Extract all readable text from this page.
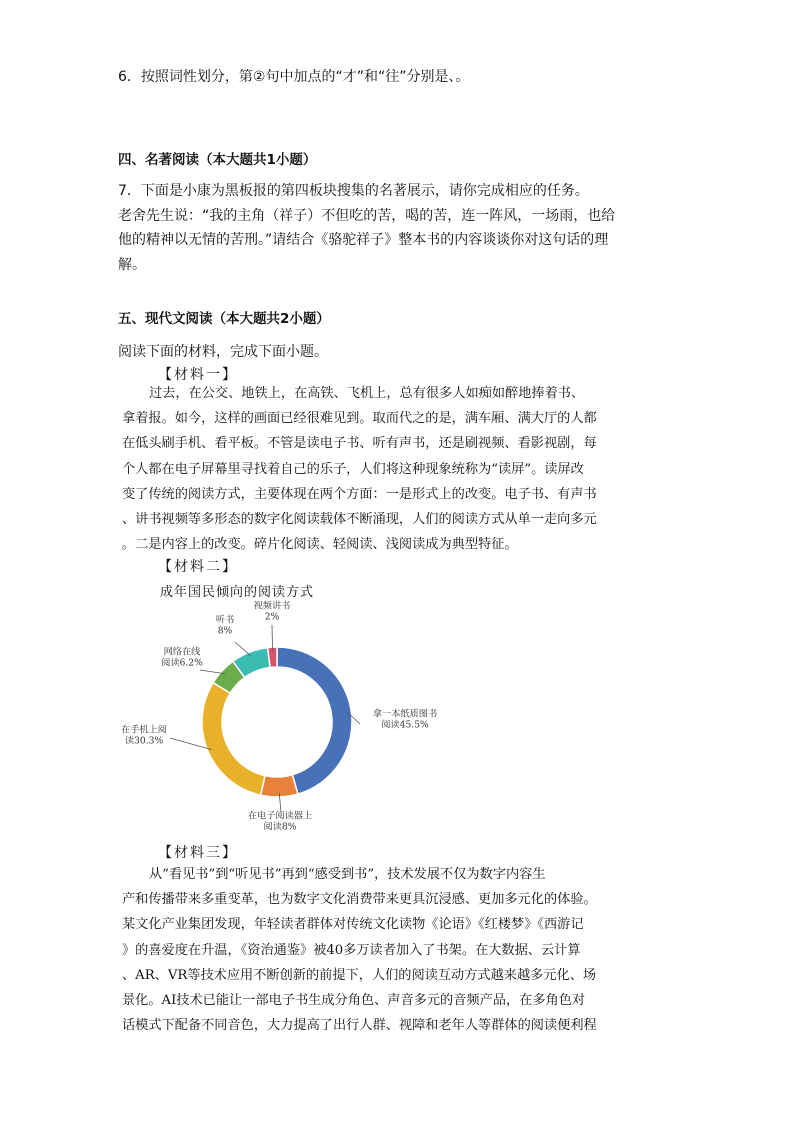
6．按照词性划分，第②句中加点的“才”和“往”分别是、。
四、名著阅读（本大题共1小题）
7．下面是小康为黑板报的第四板块搜集的名著展示，请你完成相应的任务。
老舍先生说：“我的主角（祥子）不但吃的苦，喝的苦，连一阵风，一场雨，也给
他的精神以无情的苦刑。”请结合《骆驼祥子》整本书的内容谈谈你对这句话的理
解。
五、现代文阅读（本大题共2小题）
阅读下面的材料，完成下面小题。
【材料一】
过去，在公交、地铁上，在高铁、飞机上，总有很多人如痴如醉地捧着书、
拿着报。如今，这样的画面已经很难见到。取而代之的是，满车厢、满大厅的人都
在低头刷手机、看平板。不管是读电子书、听有声书，还是刷视频、看影视剧，每
个人都在电子屏幕里寻找着自己的乐子，人们将这种现象统称为“读屏”。读屏改
变了传统的阅读方式，主要体现在两个方面：一是形式上的改变。电子书、有声书
、讲书视频等多形态的数字化阅读载体不断涌现，人们的阅读方式从单一走向多元
。二是内容上的改变。碎片化阅读、轻阅读、浅阅读成为典型特征。
【材料二】
成年国民倾向的阅读方式
拿一本纸质图书阅读45.5%
在电子阅读器上阅读8%
在手机上阅读30.3%
网络在线阅读6.2%
听书 8%
视频讲书 2%
【材料三】
从“看见书”到“听见书”再到“感受到书”，技术发展不仅为数字内容生
产和传播带来多重变革，也为数字文化消费带来更具沉浸感、更加多元化的体验。
某文化产业集团发现，年轻读者群体对传统文化读物《论语》《红楼梦》《西游记
》的喜爱度在升温，《资治通鉴》被40多万读者加入了书架。在大数据、云计算
、AR、VR等技术应用不断创新的前提下，人们的阅读互动方式越来越多元化、场
景化。AI技术已能让一部电子书生成分角色、声音多元的音频产品，在多角色对
话模式下配备不同音色，大力提高了出行人群、视障和老年人等群体的阅读便利程
